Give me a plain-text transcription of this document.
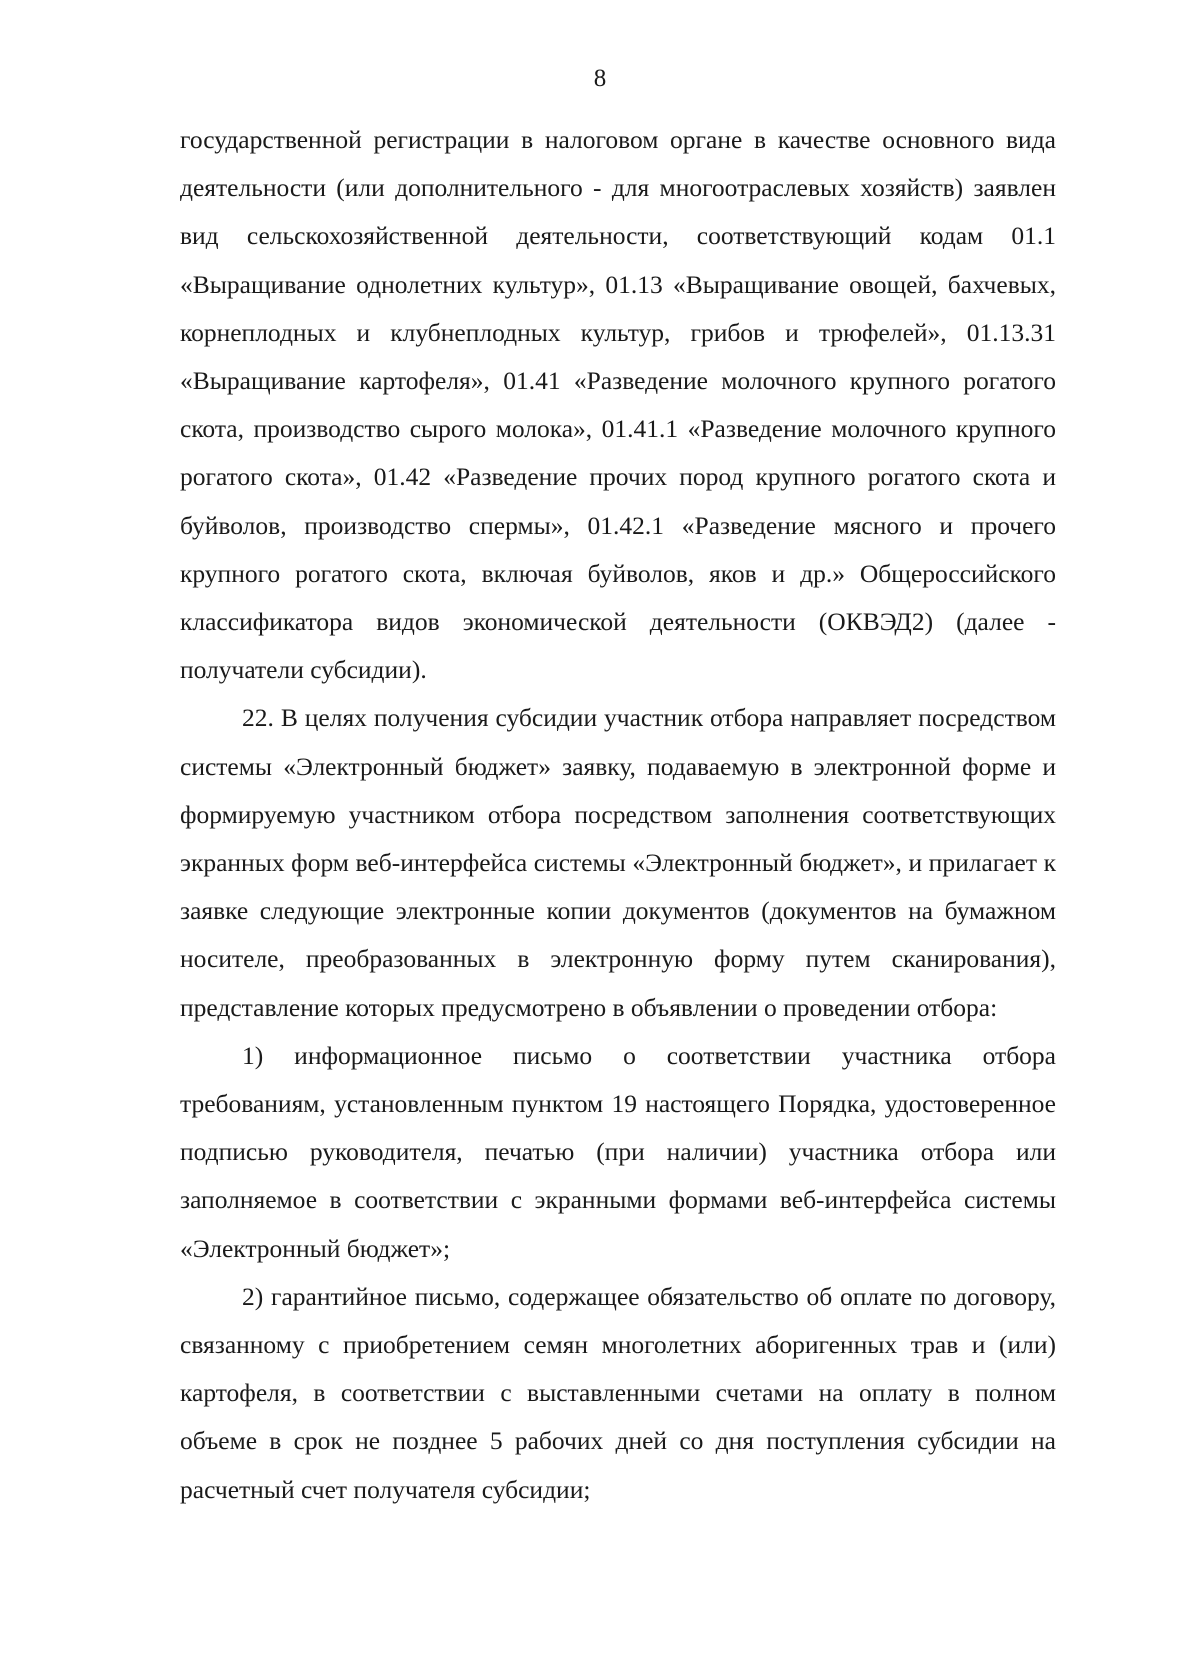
8

государственной регистрации в налоговом органе в качестве основного вида деятельности (или дополнительного - для многоотраслевых хозяйств) заявлен вид сельскохозяйственной деятельности, соответствующий кодам 01.1 «Выращивание однолетних культур», 01.13 «Выращивание овощей, бахчевых, корнеплодных и клубнеплодных культур, грибов и трюфелей», 01.13.31 «Выращивание картофеля», 01.41 «Разведение молочного крупного рогатого скота, производство сырого молока», 01.41.1 «Разведение молочного крупного рогатого скота», 01.42 «Разведение прочих пород крупного рогатого скота и буйволов, производство спермы», 01.42.1 «Разведение мясного и прочего крупного рогатого скота, включая буйволов, яков и др.» Общероссийского классификатора видов экономической деятельности (ОКВЭД2) (далее - получатели субсидии).

22. В целях получения субсидии участник отбора направляет посредством системы «Электронный бюджет» заявку, подаваемую в электронной форме и формируемую участником отбора посредством заполнения соответствующих экранных форм веб-интерфейса системы «Электронный бюджет», и прилагает к заявке следующие электронные копии документов (документов на бумажном носителе, преобразованных в электронную форму путем сканирования), представление которых предусмотрено в объявлении о проведении отбора:

1) информационное письмо о соответствии участника отбора требованиям, установленным пунктом 19 настоящего Порядка, удостоверенное подписью руководителя, печатью (при наличии) участника отбора или заполняемое в соответствии с экранными формами веб-интерфейса системы «Электронный бюджет»;

2) гарантийное письмо, содержащее обязательство об оплате по договору, связанному с приобретением семян многолетних аборигенных трав и (или) картофеля, в соответствии с выставленными счетами на оплату в полном объеме в срок не позднее 5 рабочих дней со дня поступления субсидии на расчетный счет получателя субсидии;
